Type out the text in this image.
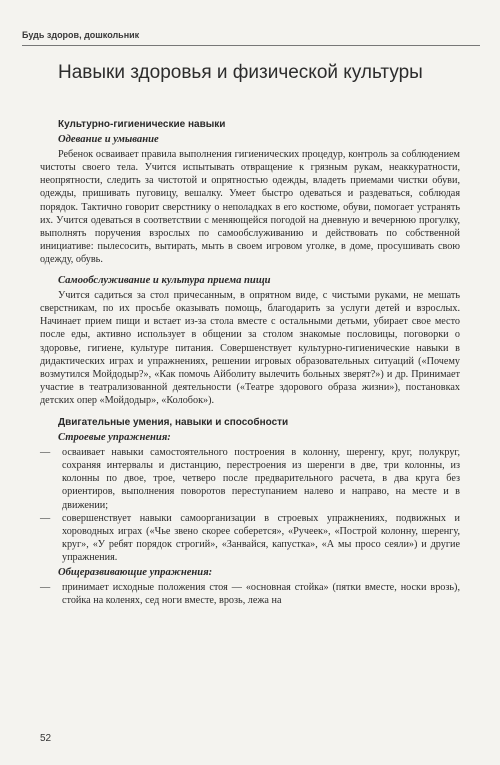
Будь здоров, дошкольник
Навыки здоровья и физической культуры
Культурно-гигиенические навыки
Одевание и умывание

Ребенок осваивает правила выполнения гигиенических процедур, контроль за соблюдением чистоты своего тела. Учится испытывать отвращение к грязным рукам, неаккуратности, неопрятности, следить за чистотой и опрятностью одежды, владеть приемами чистки обуви, одежды, пришивать пуговицу, вешалку. Умеет быстро одеваться и раздеваться, соблюдая порядок. Тактично говорит сверстнику о неполадках в его костюме, обуви, помогает устранять их. Учится одеваться в соответствии с меняющейся погодой на дневную и вечернюю прогулку, выполнять поручения взрослых по самообслуживанию и действовать по собственной инициативе: пылесосить, вытирать, мыть в своем игровом уголке, в доме, просушивать свою одежду, обувь.

Самообслуживание и культура приема пищи

Учится садиться за стол причесанным, в опрятном виде, с чистыми руками, не мешать сверстникам, по их просьбе оказывать помощь, благодарить за услуги детей и взрослых. Начинает прием пищи и встает из-за стола вместе с остальными детьми, убирает свое место после еды, активно использует в общении за столом знакомые пословицы, поговорки о здоровье, гигиене, культуре питания. Совершенствует культурно-гигиенические навыки в дидактических играх и упражнениях, решении игровых образовательных ситуаций («Почему возмутился Мойдодыр?», «Как помочь Айболиту вылечить больных зверят?») и др. Принимает участие в театрализованной деятельности («Театре здорового образа жизни»), постановках детских опер «Мойдодыр», «Колобок»).

Двигательные умения, навыки и способности
Строевые упражнения:
— осваивает навыки самостоятельного построения в колонну, шеренгу, круг, полукруг, сохраняя интервалы и дистанцию, перестроения из шеренги в две, три колонны, из колонны по двое, трое, четверо после предварительного расчета, в два круга без ориентиров, выполнения поворотов переступанием налево и направо, на месте и в движении;
— совершенствует навыки самоорганизации в строевых упражнениях, подвижных и хороводных играх («Чье звено скорее соберется», «Ручеек», «Построй колонну, шеренгу, круг», «У ребят порядок строгий», «Занвайся, капустка», «А мы просо сеяли») и другие упражнения.
Общеразвивающие упражнения:
— принимает исходные положения стоя — «основная стойка» (пятки вместе, носки врозь), стойка на коленях, сед ноги вместе, врозь, лежа на
52
